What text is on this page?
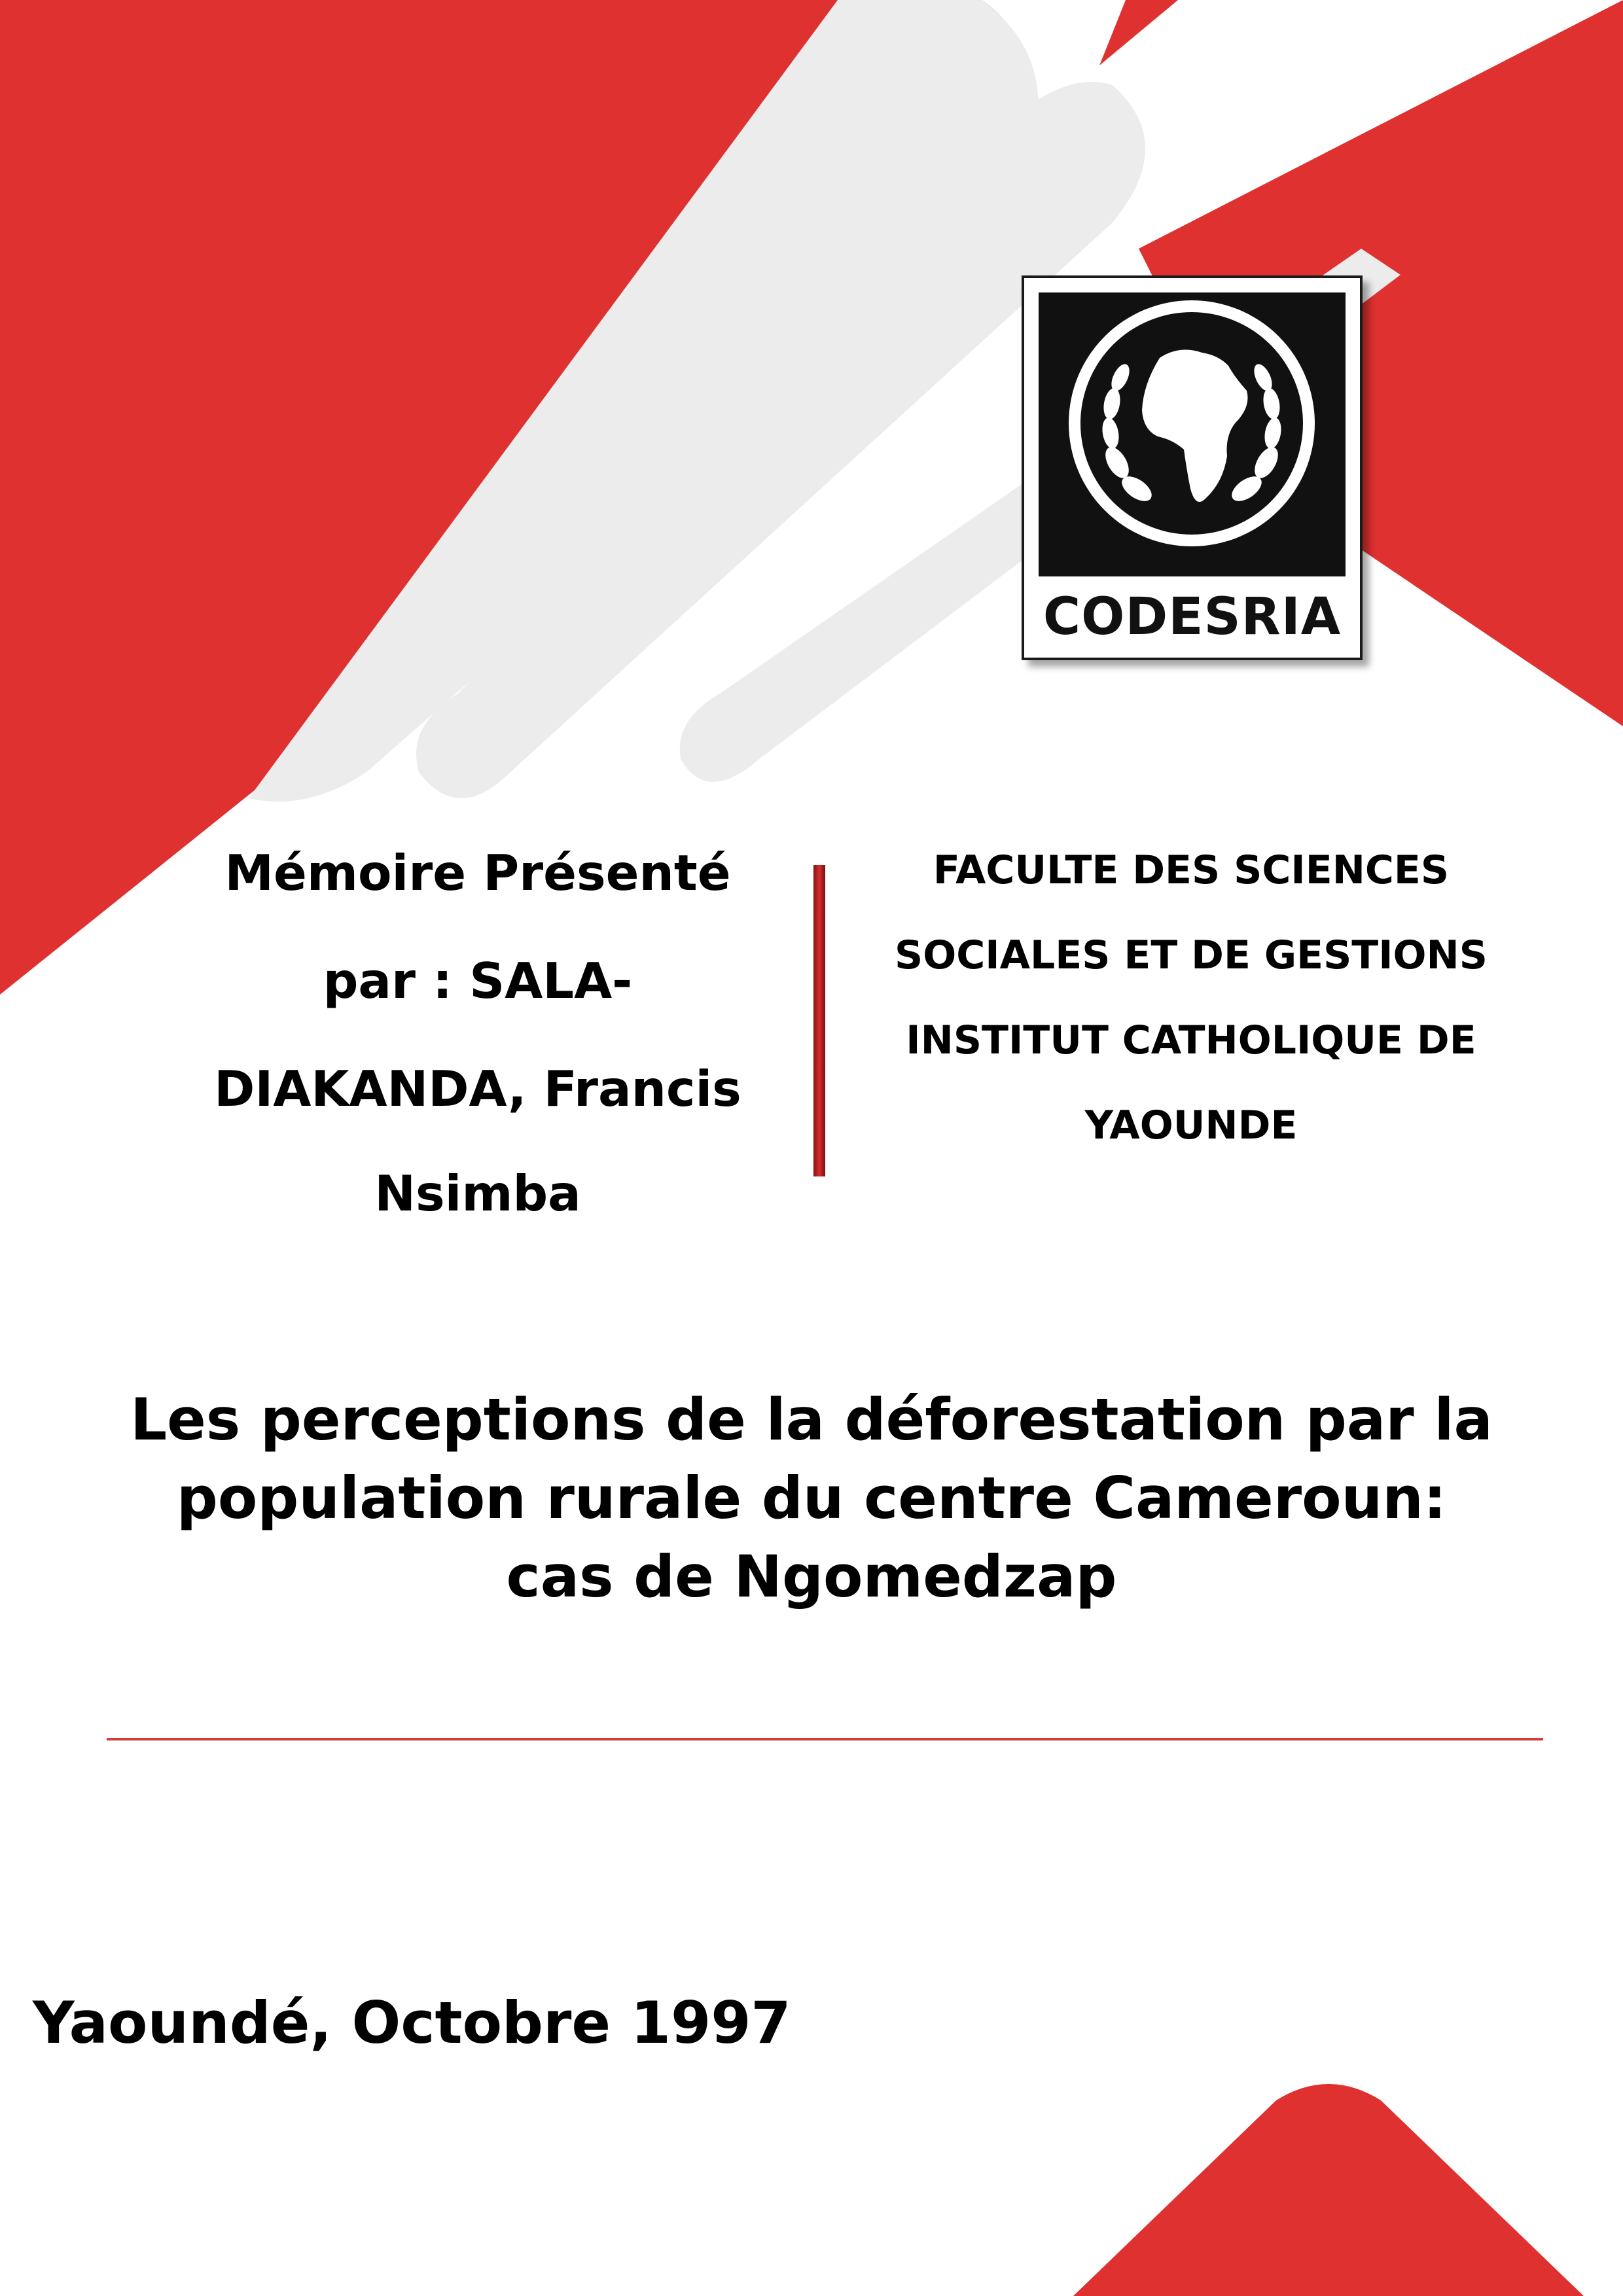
CODESRIA
Mémoire Présenté
par : SALA-
DIAKANDA, Francis
Nsimba
FACULTE DES SCIENCES
SOCIALES ET DE GESTIONS
INSTITUT CATHOLIQUE DE
YAOUNDE
Les perceptions de la déforestation par la
population rurale du centre Cameroun:
cas de Ngomedzap
Yaoundé, Octobre 1997
